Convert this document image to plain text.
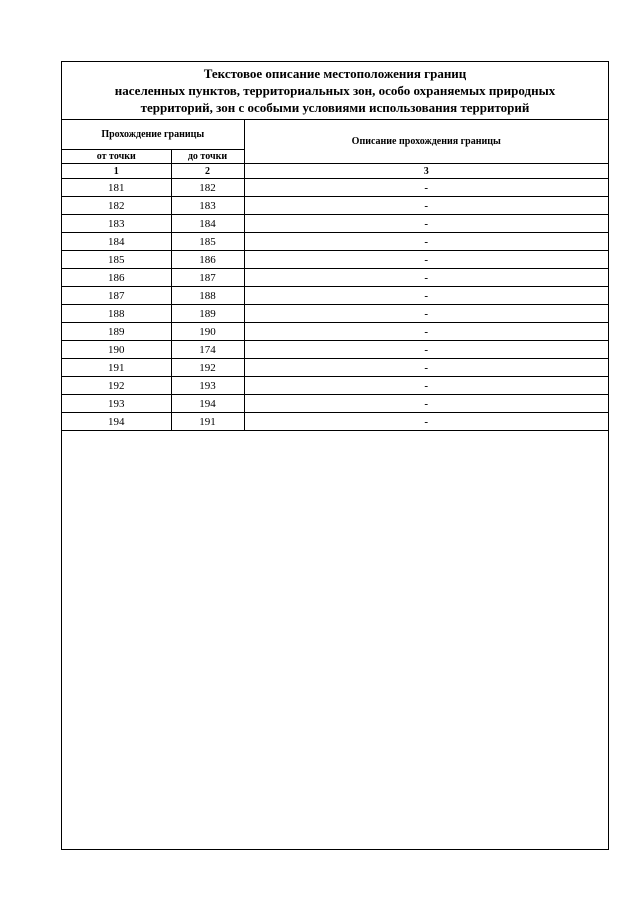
Текстовое описание местоположения границ
населенных пунктов, территориальных зон, особо охраняемых природных
территорий, зон с особыми условиями использования территорий
Прохождение границы		Описание прохождения границы
от точки	до точки	
1	2	3
181	182	-
182	183	-
183	184	-
184	185	-
185	186	-
186	187	-
187	188	-
188	189	-
189	190	-
190	174	-
191	192	-
192	193	-
193	194	-
194	191	-
